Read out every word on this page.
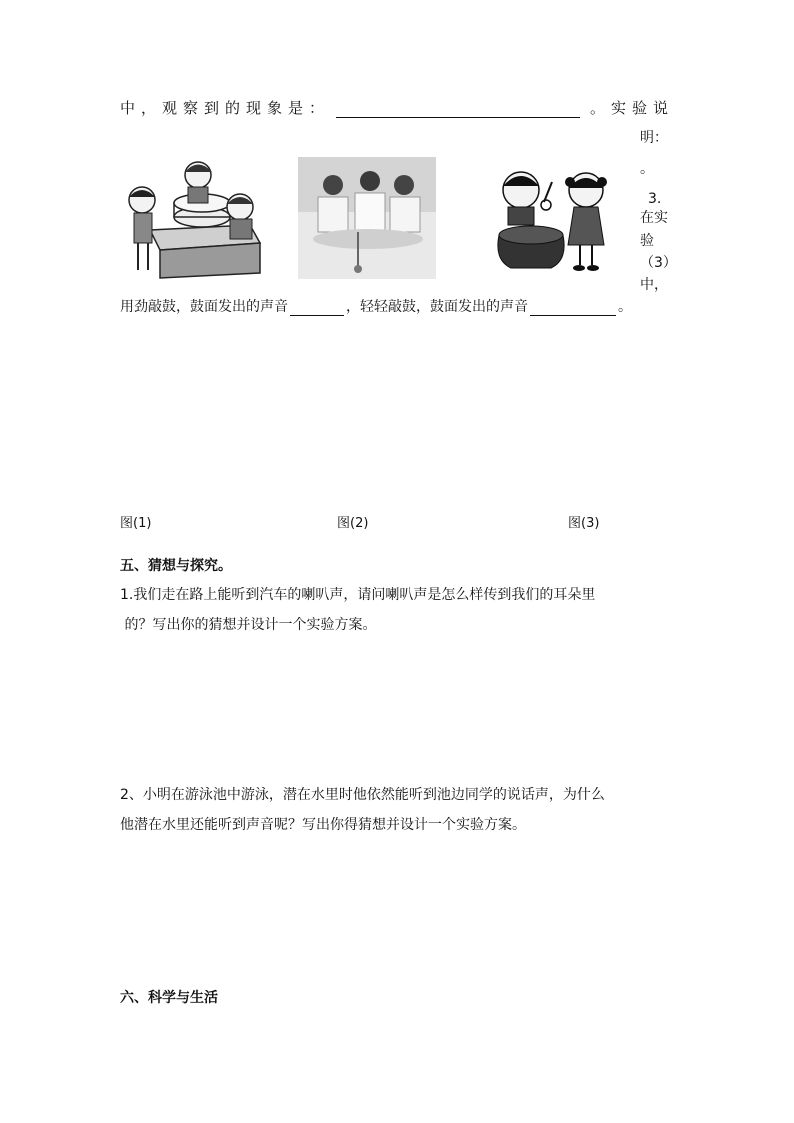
中，观察到的现象是：	。实验说
明：
。
3.
在实
验
（3）
中，
用劲敲鼓，鼓面发出的声音	，轻轻敲鼓，鼓面发出的声音	。
图(1)	图(2)	图(3)
五、猜想与探究。
1.我们走在路上能听到汽车的喇叭声，请问喇叭声是怎么样传到我们的耳朵里
的？写出你的猜想并设计一个实验方案。
2、小明在游泳池中游泳，潜在水里时他依然能听到池边同学的说话声，为什么
他潜在水里还能听到声音呢？写出你得猜想并设计一个实验方案。
六、科学与生活
